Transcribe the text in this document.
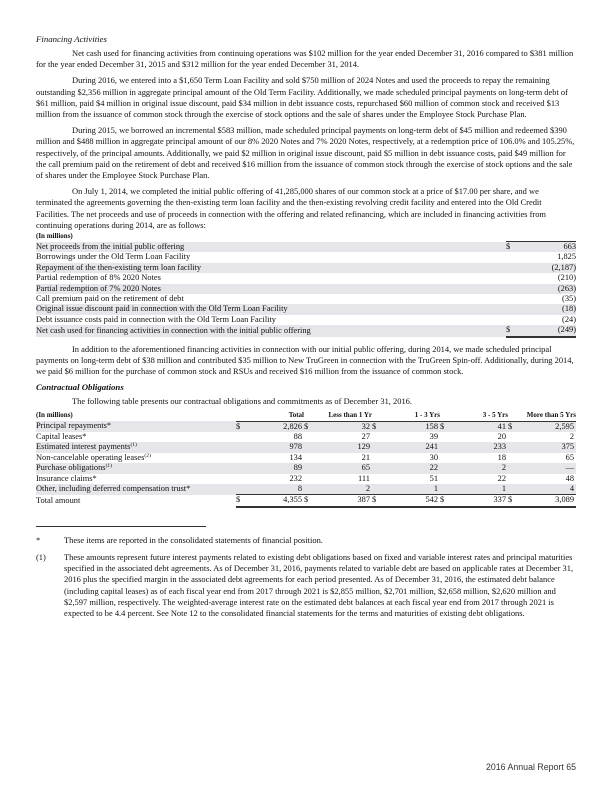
Financing Activities

Net cash used for financing activities from continuing operations was $102 million for the year ended December 31, 2016 compared to $381 million for the year ended December 31, 2015 and $312 million for the year ended December 31, 2014.

During 2016, we entered into a $1,650 Term Loan Facility and sold $750 million of 2024 Notes and used the proceeds to repay the remaining outstanding $2,356 million in aggregate principal amount of the Old Term Facility. Additionally, we made scheduled principal payments on long-term debt of $61 million, paid $4 million in original issue discount, paid $34 million in debt issuance costs, repurchased $60 million of common stock and received $13 million from the issuance of common stock through the exercise of stock options and the sale of shares under the Employee Stock Purchase Plan.

During 2015, we borrowed an incremental $583 million, made scheduled principal payments on long-term debt of $45 million and redeemed $390 million and $488 million in aggregate principal amount of our 8% 2020 Notes and 7% 2020 Notes, respectively, at a redemption price of 106.0% and 105.25%, respectively, of the principal amounts. Additionally, we paid $2 million in original issue discount, paid $5 million in debt issuance costs, paid $49 million for the call premium paid on the retirement of debt and received $16 million from the issuance of common stock through the exercise of stock options and the sale of shares under the Employee Stock Purchase Plan.

On July 1, 2014, we completed the initial public offering of 41,285,000 shares of our common stock at a price of $17.00 per share, and we terminated the agreements governing the then-existing term loan facility and the then-existing revolving credit facility and entered into the Old Credit Facilities. The net proceeds and use of proceeds in connection with the offering and related refinancing, which are included in financing activities from continuing operations during 2014, are as follows:

(In millions)
Net proceeds from the initial public offering	$	663
Borrowings under the Old Term Loan Facility		1,825
Repayment of the then-existing term loan facility		(2,187)
Partial redemption of 8% 2020 Notes		(210)
Partial redemption of 7% 2020 Notes		(263)
Call premium paid on the retirement of debt		(35)
Original issue discount paid in connection with the Old Term Loan Facility		(18)
Debt issuance costs paid in connection with the Old Term Loan Facility		(24)
Net cash used for financing activities in connection with the initial public offering	$	(249)

In addition to the aforementioned financing activities in connection with our initial public offering, during 2014, we made scheduled principal payments on long-term debt of $38 million and contributed $35 million to New TruGreen in connection with the TruGreen Spin-off. Additionally, during 2014, we paid $6 million for the purchase of common stock and RSUs and received $16 million from the issuance of common stock.

Contractual Obligations

The following table presents our contractual obligations and commitments as of December 31, 2016.

(In millions)	Total		Less than 1 Yr		1 - 3 Yrs		3 - 5 Yrs		More than 5 Yrs	
Principal repayments*	$	2,826	$	32	$	158	$	41	$	2,595
Capital leases*		88		27		39		20		2
Estimated interest payments$^{(1)}$		978		129		241		233		375
Non-cancelable operating leases$^{(2)}$		134		21		30		18		65
Purchase obligations$^{(1)}$		89		65		22		2		—
Insurance claims*		232		111		51		22		48
Other, including deferred compensation trust*		8		2		1		1		4
Total amount	$	4,355	$	387	$	542	$	337	$	3,089
*	These items are reported in the consolidated statements of financial position.
(1)	These amounts represent future interest payments related to existing debt obligations based on fixed and variable interest rates and principal maturities specified in the associated debt agreements. As of December 31, 2016, payments related to variable debt are based on applicable rates at December 31, 2016 plus the specified margin in the associated debt agreements for each period presented. As of December 31, 2016, the estimated debt balance (including capital leases) as of each fiscal year end from 2017 through 2021 is $2,855 million, $2,701 million, $2,658 million, $2,620 million and $2,597 million, respectively. The weighted-average interest rate on the estimated debt balances at each fiscal year end from 2017 through 2021 is expected to be 4.4 percent. See Note 12 to the consolidated financial statements for the terms and maturities of existing debt obligations.
2016 Annual Report 65
